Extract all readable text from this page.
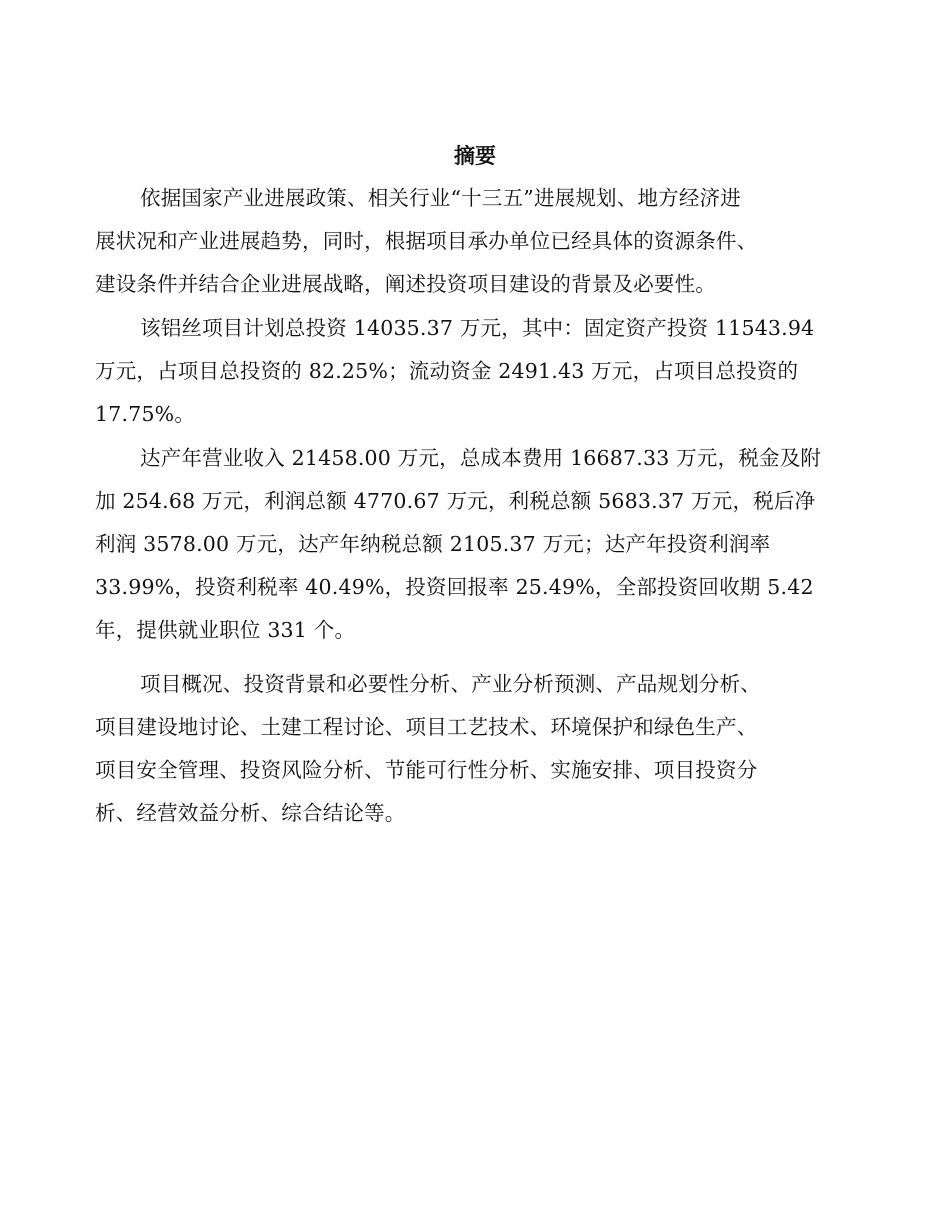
摘要
依据国家产业进展政策、相关行业“十三五”进展规划、地方经济进
展状况和产业进展趋势，同时，根据项目承办单位已经具体的资源条件、
建设条件并结合企业进展战略，阐述投资项目建设的背景及必要性。
该铝丝项目计划总投资 14035.37 万元，其中：固定资产投资 11543.94
万元，占项目总投资的 82.25%；流动资金 2491.43 万元，占项目总投资的
17.75%。
达产年营业收入 21458.00 万元，总成本费用 16687.33 万元，税金及附
加 254.68 万元，利润总额 4770.67 万元，利税总额 5683.37 万元，税后净
利润 3578.00 万元，达产年纳税总额 2105.37 万元；达产年投资利润率
33.99%，投资利税率 40.49%，投资回报率 25.49%，全部投资回收期 5.42
年，提供就业职位 331 个。
项目概况、投资背景和必要性分析、产业分析预测、产品规划分析、
项目建设地讨论、土建工程讨论、项目工艺技术、环境保护和绿色生产、
项目安全管理、投资风险分析、节能可行性分析、实施安排、项目投资分
析、经营效益分析、综合结论等。
